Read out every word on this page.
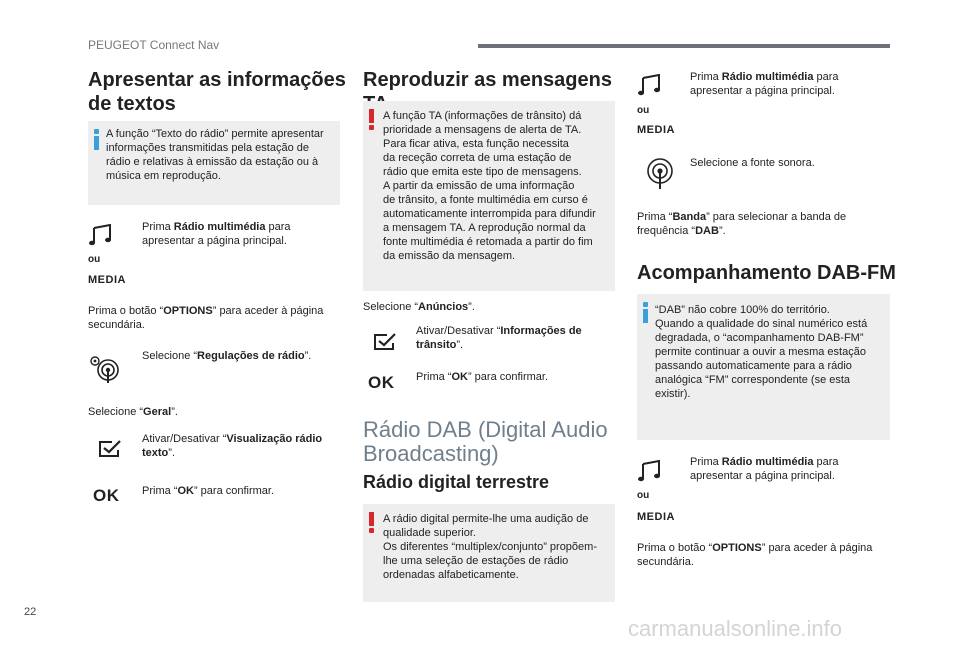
PEUGEOT Connect Nav
Apresentar as informações
de textos

A função “Texto do rádio” permite apresentar
informações transmitidas pela estação de
rádio e relativas à emissão da estação ou à
música em reprodução.

ou
MEDIA
Prima Rádio multimédia para
apresentar a página principal.
Prima o botão “OPTIONS” para aceder à página
secundária.
Selecione “Regulações de rádio”.
Selecione “Geral”.
Ativar/Desativar “Visualização rádio
texto”.
OK Prima “OK” para confirmar.
Reproduzir as mensagens

A função TA (informações de trânsito) dá
prioridade a mensagens de alerta de TA.
Para ficar ativa, esta função necessita
da receção correta de uma estação de
rádio que emita este tipo de mensagens.
A partir da emissão de uma informação
de trânsito, a fonte multimédia em curso é
automaticamente interrompida para difundir
a mensagem TA. A reprodução normal da
fonte multimédia é retomada a partir do fim
da emissão da mensagem.

Selecione “Anúncios”.
Ativar/Desativar “Informações de
trânsito”.
OK Prima “OK” para confirmar.
Rádio DAB (Digital Audio
Broadcasting)
Rádio digital terrestre

A rádio digital permite-lhe uma audição de
qualidade superior.
Os diferentes “multiplex/conjunto” propõem-
lhe uma seleção de estações de rádio
ordenadas alfabeticamente.

ou
MEDIA
Prima Rádio multimédia para
apresentar a página principal.
Selecione a fonte sonora.
Prima “Banda” para selecionar a banda de
frequência “DAB”.
Acompanhamento DAB-FM

“DAB” não cobre 100% do território.
Quando a qualidade do sinal numérico está
degradada, o “acompanhamento DAB-FM”
permite continuar a ouvir a mesma estação
passando automaticamente para a rádio
analógica “FM” correspondente (se esta
existir).

ou
MEDIA
Prima Rádio multimédia para
apresentar a página principal.
Prima o botão “OPTIONS” para aceder à página
secundária.
22
carmanualsonline.info
